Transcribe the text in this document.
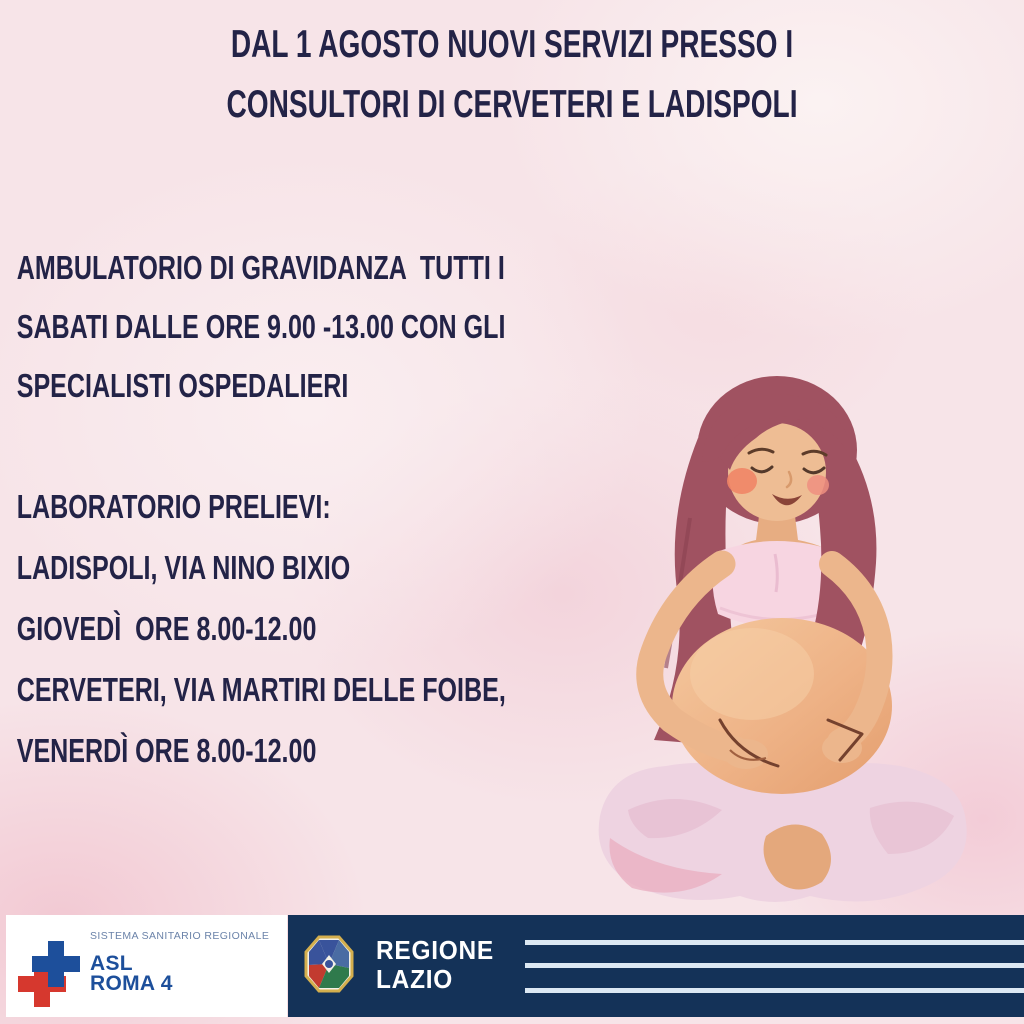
DAL 1 AGOSTO NUOVI SERVIZI PRESSO I
CONSULTORI DI CERVETERI E LADISPOLI
AMBULATORIO DI GRAVIDANZA  TUTTI I
SABATI DALLE ORE 9.00 -13.00 CON GLI
SPECIALISTI OSPEDALIERI
LABORATORIO PRELIEVI:
LADISPOLI, VIA NINO BIXIO
GIOVEDÌ  ORE 8.00-12.00
CERVETERI, VIA MARTIRI DELLE FOIBE,
VENERDÌ ORE 8.00-12.00
SISTEMA SANITARIO REGIONALE
ASL
ROMA 4
REGIONE
LAZIO
